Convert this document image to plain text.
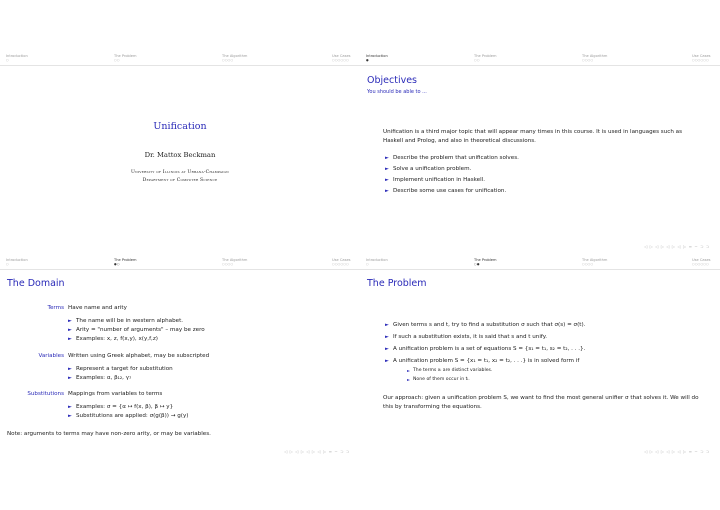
Introduction
○
The Problem
○○
The Algorithm
○○○○
Use Cases
○○○○○○
Unification
Dr. Mattox Beckman
University of Illinois at Urbana-Champaign
Department of Computer Science
Introduction
●
The Problem
○○
The Algorithm
○○○○
Use Cases
○○○○○○
Objectives
You should be able to ...

Unification is a third major topic that will appear many times in this course. It is used in languages such as Haskell and Prolog, and also in theoretical discussions.

► Describe the problem that unification solves.
► Solve a unification problem.
► Implement unification in Haskell.
► Describe some use cases for unification.
◁ ▷ ◁ ▷ ◁ ▷ ◁ ▷ ≡ ∽ ⊃ ⊃
Introduction
○
The Problem
●○
The Algorithm
○○○○
Use Cases
○○○○○○
The Domain
Terms Have name and arity
► The name will be in western alphabet.
► Arity = "number of arguments" – may be zero
► Examples: x, z, f(x,y), x(y,f,z)
Variables Written using Greek alphabet, may be subscripted
► Represent a target for substitution
► Examples: α, β₁₂, γ₇
Substitutions Mappings from variables to terms
► Examples: σ = {α ↦ f(x, β), β ↦ y}
► Substitutions are applied: σ(g(β)) → g(y)
Note: arguments to terms may have non-zero arity, or may be variables.
◁ ▷ ◁ ▷ ◁ ▷ ◁ ▷ ≡ ∽ ⊃ ⊃
Introduction
○
The Problem
○●
The Algorithm
○○○○
Use Cases
○○○○○○
The Problem
► Given terms s and t, try to find a substitution σ such that σ(s) = σ(t).
► If such a substitution exists, it is said that s and t unify.
► A unification problem is a set of equations S = {s₁ = t₁, s₂ = t₂, . . .}.
► A unification problem S = {x₁ = t₁, x₂ = t₂, . . .} is in solved form if
► The terms xᵢ are distinct variables.
► None of them occur in tᵢ.
Our approach: given a unification problem S, we want to find the most general unifier σ that solves it. We will do this by transforming the equations.
◁ ▷ ◁ ▷ ◁ ▷ ◁ ▷ ≡ ∽ ⊃ ⊃
